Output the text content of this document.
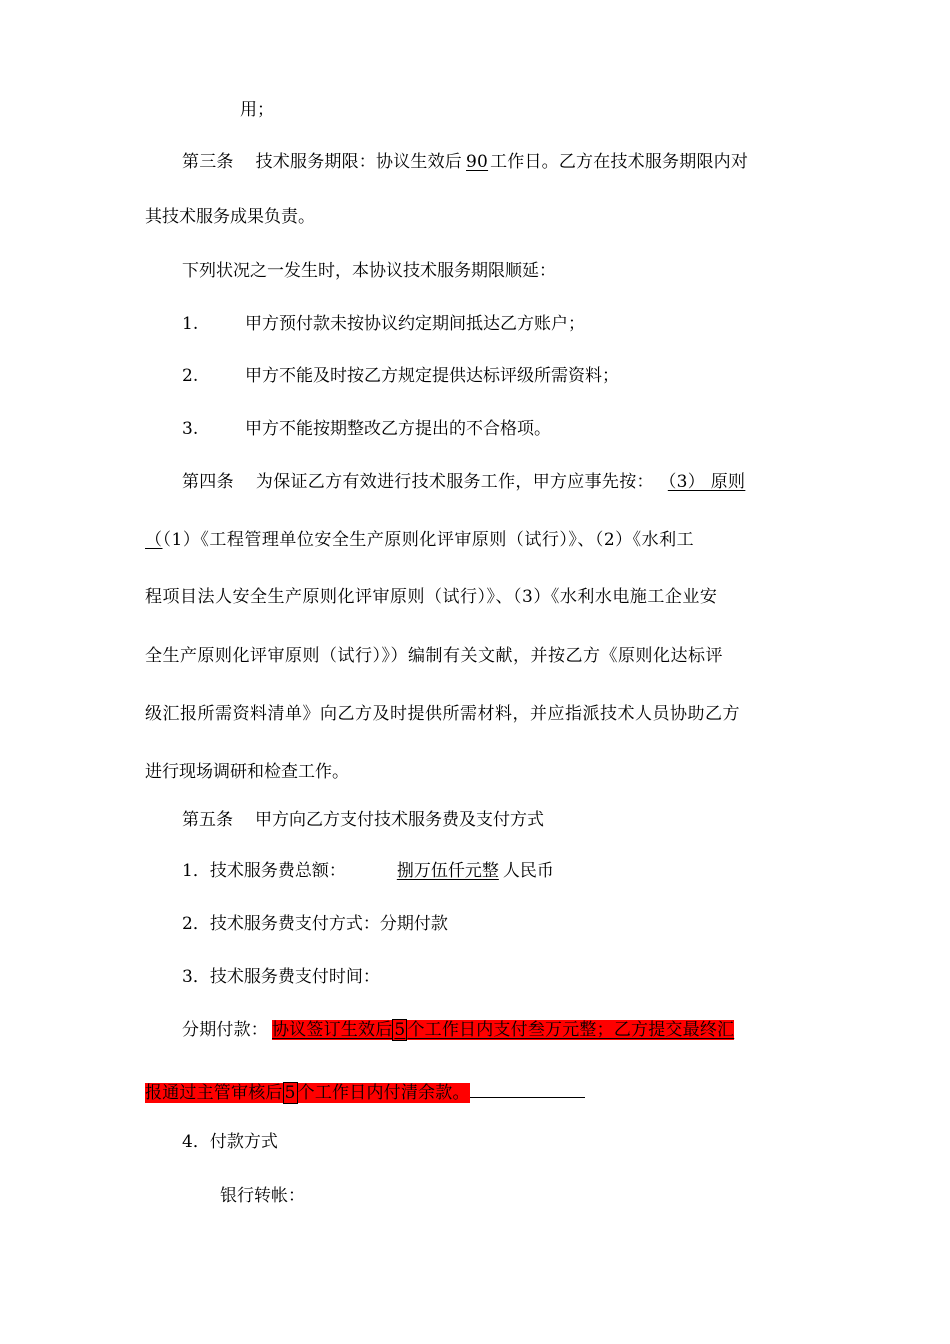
用；
第三条 技术服务期限：协议生效后 90 工作日。乙方在技术服务期限内对
其技术服务成果负责。
下列状况之一发生时，本协议技术服务期限顺延：
1.	甲方预付款未按协议约定期间抵达乙方账户；
2.	甲方不能及时按乙方规定提供达标评级所需资料；
3.	甲方不能按期整改乙方提出的不合格项。
第四条 为保证乙方有效进行技术服务工作，甲方应事先按： （3） 原则
（（1）《工程管理单位安全生产原则化评审原则（试行）》、（2）《水利工
程项目法人安全生产原则化评审原则（试行）》、（3）《水利水电施工企业安
全生产原则化评审原则（试行）》）编制有关文献，并按乙方《原则化达标评
级汇报所需资料清单》向乙方及时提供所需材料，并应指派技术人员协助乙方
进行现场调研和检查工作。
第五条 甲方向乙方支付技术服务费及支付方式
1．技术服务费总额：	捌万伍仟元整 人民币
2．技术服务费支付方式：分期付款
3．技术服务费支付时间：
分期付款： 协议签订生效后 5 个工作日内支付叁万元整；乙方提交最终汇
报通过主管审核后 5 个工作日内付清余款。
4．付款方式
银行转帐：
